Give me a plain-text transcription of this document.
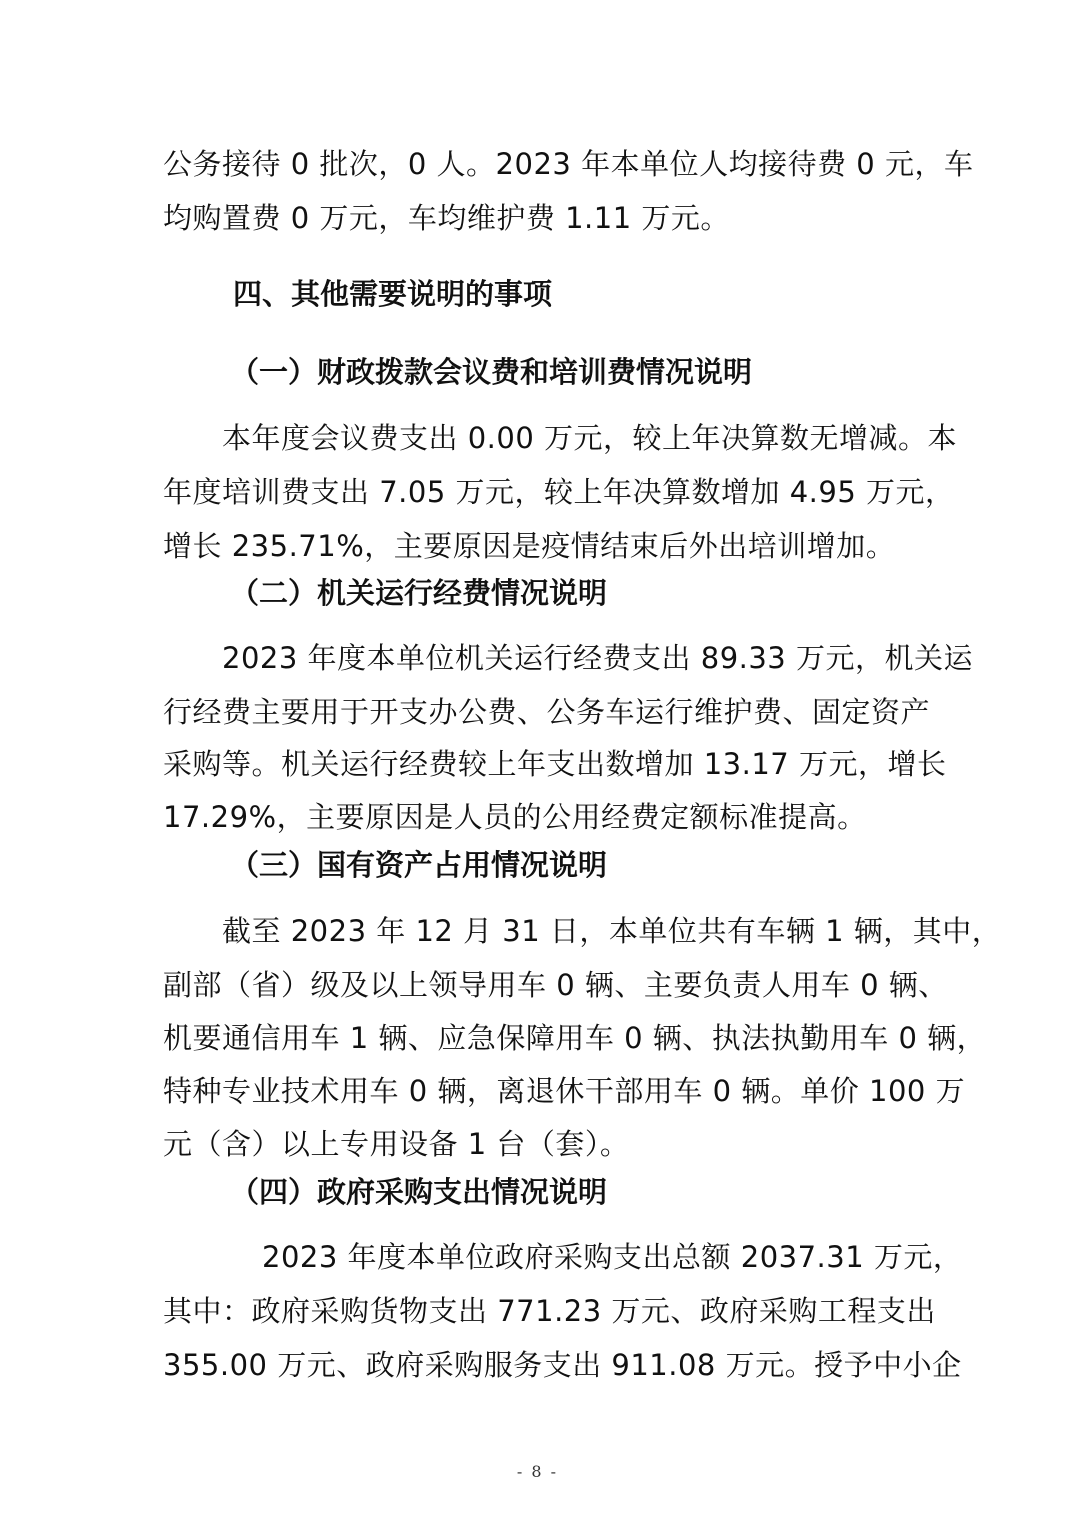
公务接待 0 批次，0 人。2023 年本单位人均接待费 0 元，车
均购置费 0 万元，车均维护费 1.11 万元。
四、其他需要说明的事项
（一）财政拨款会议费和培训费情况说明
本年度会议费支出 0.00 万元，较上年决算数无增减。本
年度培训费支出 7.05 万元，较上年决算数增加 4.95 万元，
增长 235.71%，主要原因是疫情结束后外出培训增加。
（二）机关运行经费情况说明
2023 年度本单位机关运行经费支出 89.33 万元，机关运
行经费主要用于开支办公费、公务车运行维护费、固定资产
采购等。机关运行经费较上年支出数增加 13.17 万元，增长
17.29%，主要原因是人员的公用经费定额标准提高。
（三）国有资产占用情况说明
截至 2023 年 12 月 31 日，本单位共有车辆 1 辆，其中，
副部（省）级及以上领导用车 0 辆、主要负责人用车 0 辆、
机要通信用车 1 辆、应急保障用车 0 辆、执法执勤用车 0 辆，
特种专业技术用车 0 辆，离退休干部用车 0 辆。单价 100 万
元（含）以上专用设备 1 台（套）。
（四）政府采购支出情况说明
2023 年度本单位政府采购支出总额 2037.31 万元，
其中：政府采购货物支出 771.23 万元、政府采购工程支出
355.00 万元、政府采购服务支出 911.08 万元。授予中小企
- 8 -
